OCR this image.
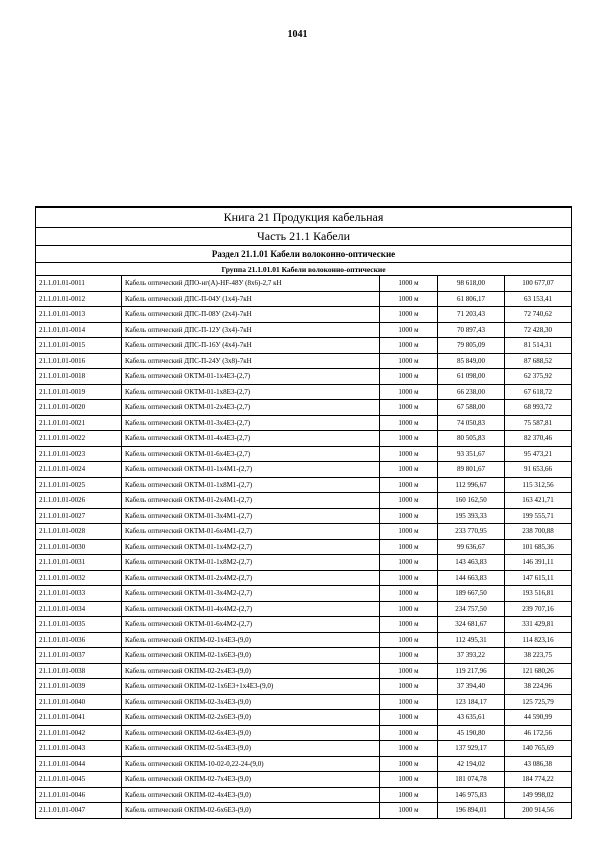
1041
Книга 21 Продукция кабельная				
Часть 21.1 Кабели				
Раздел 21.1.01 Кабели волоконно-оптические				
Группа 21.1.01.01 Кабели волоконно-оптические				
21.1.01.01-0011	Кабель оптический ДПО-нг(А)-HF-48У (8х6)-2,7 кН	1000 м	98 618,00	100 677,07
21.1.01.01-0012	Кабель оптический ДПС-П-04У (1х4)-7кН	1000 м	61 806,17	63 153,41
21.1.01.01-0013	Кабель оптический ДПС-П-08У (2х4)-7кН	1000 м	71 203,43	72 740,62
21.1.01.01-0014	Кабель оптический ДПС-П-12У (3х4)-7кН	1000 м	70 897,43	72 428,30
21.1.01.01-0015	Кабель оптический ДПС-П-16У (4х4)-7кН	1000 м	79 805,09	81 514,31
21.1.01.01-0016	Кабель оптический ДПС-П-24У (3х8)-7кН	1000 м	85 849,00	87 688,52
21.1.01.01-0018	Кабель оптический ОКТМ-01-1х4Е3-(2,7)	1000 м	61 098,00	62 375,92
21.1.01.01-0019	Кабель оптический ОКТМ-01-1х8Е3-(2,7)	1000 м	66 238,00	67 618,72
21.1.01.01-0020	Кабель оптический ОКТМ-01-2х4Е3-(2,7)	1000 м	67 588,00	68 993,72
21.1.01.01-0021	Кабель оптический ОКТМ-01-3х4Е3-(2,7)	1000 м	74 050,83	75 587,81
21.1.01.01-0022	Кабель оптический ОКТМ-01-4х4Е3-(2,7)	1000 м	80 505,83	82 370,46
21.1.01.01-0023	Кабель оптический ОКТМ-01-6х4Е3-(2,7)	1000 м	93 351,67	95 473,21
21.1.01.01-0024	Кабель оптический ОКТМ-01-1х4М1-(2,7)	1000 м	89 801,67	91 653,66
21.1.01.01-0025	Кабель оптический ОКТМ-01-1х8М1-(2,7)	1000 м	112 996,67	115 312,56
21.1.01.01-0026	Кабель оптический ОКТМ-01-2х4М1-(2,7)	1000 м	160 162,50	163 421,71
21.1.01.01-0027	Кабель оптический ОКТМ-01-3х4М1-(2,7)	1000 м	195 393,33	199 555,71
21.1.01.01-0028	Кабель оптический ОКТМ-01-6х4М1-(2,7)	1000 м	233 770,95	238 700,88
21.1.01.01-0030	Кабель оптический ОКТМ-01-1х4М2-(2,7)	1000 м	99 636,67	101 685,36
21.1.01.01-0031	Кабель оптический ОКТМ-01-1х8М2-(2,7)	1000 м	143 463,83	146 391,11
21.1.01.01-0032	Кабель оптический ОКТМ-01-2х4М2-(2,7)	1000 м	144 663,83	147 615,11
21.1.01.01-0033	Кабель оптический ОКТМ-01-3х4М2-(2,7)	1000 м	189 667,50	193 516,81
21.1.01.01-0034	Кабель оптический ОКТМ-01-4х4М2-(2,7)	1000 м	234 757,50	239 707,16
21.1.01.01-0035	Кабель оптический ОКТМ-01-6х4М2-(2,7)	1000 м	324 681,67	331 429,81
21.1.01.01-0036	Кабель оптический ОКПМ-02-1х4Е3-(9,0)	1000 м	112 495,31	114 823,16
21.1.01.01-0037	Кабель оптический ОКПМ-02-1х6Е3-(9,0)	1000 м	37 393,22	38 223,75
21.1.01.01-0038	Кабель оптический ОКПМ-02-2х4Е3-(9,0)	1000 м	119 217,96	121 680,26
21.1.01.01-0039	Кабель оптический ОКПМ-02-1х6Е3+1х4Е3-(9,0)	1000 м	37 394,40	38 224,96
21.1.01.01-0040	Кабель оптический ОКПМ-02-3х4Е3-(9,0)	1000 м	123 184,17	125 725,79
21.1.01.01-0041	Кабель оптический ОКПМ-02-2х6Е3-(9,0)	1000 м	43 635,61	44 590,99
21.1.01.01-0042	Кабель оптический ОКПМ-02-6х4Е3-(9,0)	1000 м	45 190,80	46 172,56
21.1.01.01-0043	Кабель оптический ОКПМ-02-5х4Е3-(9,0)	1000 м	137 929,17	140 765,69
21.1.01.01-0044	Кабель оптический ОКПМ-10-02-0,22-24-(9,0)	1000 м	42 194,02	43 086,38
21.1.01.01-0045	Кабель оптический ОКПМ-02-7х4Е3-(9,0)	1000 м	181 074,78	184 774,22
21.1.01.01-0046	Кабель оптический ОКПМ-02-4х4Е3-(9,0)	1000 м	146 975,83	149 998,02
21.1.01.01-0047	Кабель оптический ОКПМ-02-6х6Е3-(9,0)	1000 м	196 894,01	200 914,56
